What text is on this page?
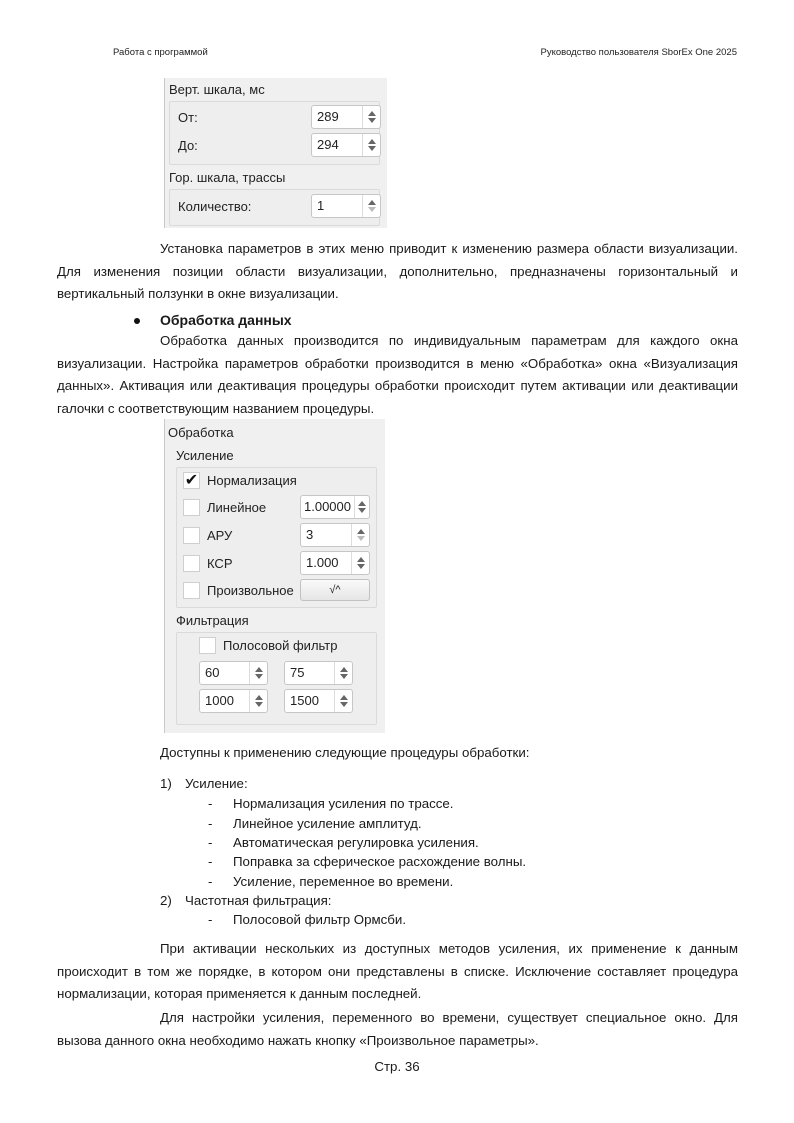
Работа с программой	Руководство пользователя SborEx One 2025
Верт. шкала, мс
От:	289
До:	294
Гор. шкала, трассы
Количество:	1
Установка параметров в этих меню приводит к изменению размера области визуализации. Для изменения позиции области визуализации, дополнительно, предназначены горизонтальный и вертикальный ползунки в окне визуализации.
Обработка данных
Обработка данных производится по индивидуальным параметрам для каждого окна визуализации. Настройка параметров обработки производится в меню «Обработка» окна «Визуализация данных». Активация или деактивация процедуры обработки происходит путем активации или деактивации галочки с соответствующим названием процедуры.
Обработка
Усиление
✔ Нормализация
Линейное	1.00000
АРУ	3
КСР	1.000
Произвольное	√^
Фильтрация
Полосовой фильтр
60	75
1000	1500
Доступны к применению следующие процедуры обработки:
1) Усиление:
- Нормализация усиления по трассе.
- Линейное усиление амплитуд.
- Автоматическая регулировка усиления.
- Поправка за сферическое расхождение волны.
- Усиление, переменное во времени.
2) Частотная фильтрация:
- Полосовой фильтр Ормсби.
При активации нескольких из доступных методов усиления, их применение к данным происходит в том же порядке, в котором они представлены в списке. Исключение составляет процедура нормализации, которая применяется к данным последней.
Для настройки усиления, переменного во времени, существует специальное окно. Для вызова данного окна необходимо нажать кнопку «Произвольное параметры».
Стр. 36
